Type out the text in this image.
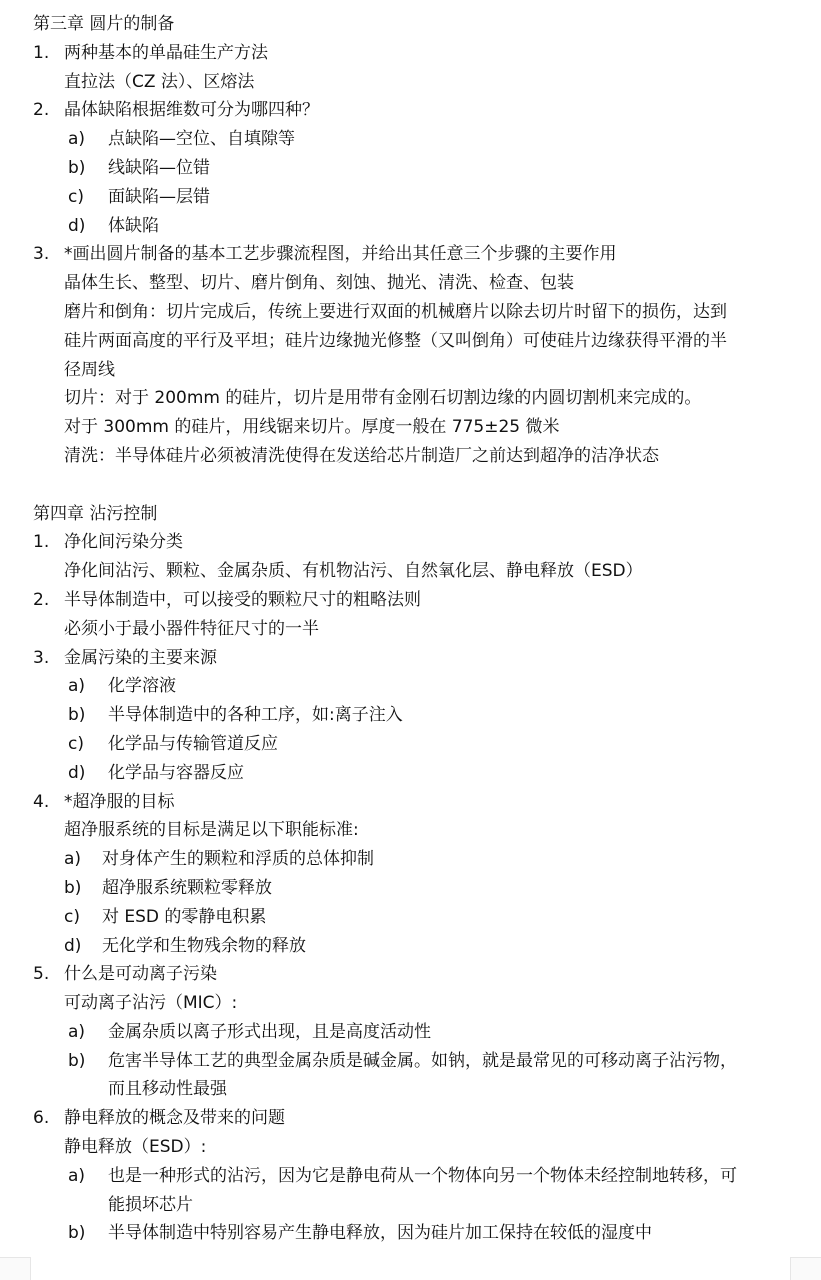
第三章 圆片的制备
1. 两种基本的单晶硅生产方法
直拉法（CZ 法）、区熔法
2. 晶体缺陷根据维数可分为哪四种？
a)	点缺陷—空位、自填隙等
b)	线缺陷—位错
c)	面缺陷—层错
d)	体缺陷
3. *画出圆片制备的基本工艺步骤流程图，并给出其任意三个步骤的主要作用
晶体生长、整型、切片、磨片倒角、刻蚀、抛光、清洗、检查、包装
磨片和倒角：切片完成后，传统上要进行双面的机械磨片以除去切片时留下的损伤，达到
硅片两面高度的平行及平坦；硅片边缘抛光修整（又叫倒角）可使硅片边缘获得平滑的半
径周线
切片：对于 200mm 的硅片，切片是用带有金刚石切割边缘的内圆切割机来完成的。
对于 300mm 的硅片，用线锯来切片。厚度一般在 775±25 微米
清洗：半导体硅片必须被清洗使得在发送给芯片制造厂之前达到超净的洁净状态
第四章 沾污控制
1. 净化间污染分类
净化间沾污、颗粒、金属杂质、有机物沾污、自然氧化层、静电释放（ESD）
2. 半导体制造中，可以接受的颗粒尺寸的粗略法则
必须小于最小器件特征尺寸的一半
3. 金属污染的主要来源
a)	化学溶液
b)	半导体制造中的各种工序，如:离子注入
c)	化学品与传输管道反应
d)	化学品与容器反应
4. *超净服的目标
超净服系统的目标是满足以下职能标准:
a)	对身体产生的颗粒和浮质的总体抑制
b)	超净服系统颗粒零释放
c)	对 ESD 的零静电积累
d)	无化学和生物残余物的释放
5. 什么是可动离子污染
可动离子沾污（MIC）:
a)	金属杂质以离子形式出现，且是高度活动性
b)	危害半导体工艺的典型金属杂质是碱金属。如钠，就是最常见的可移动离子沾污物，
而且移动性最强
6. 静电释放的概念及带来的问题
静电释放（ESD）:
a)	也是一种形式的沾污，因为它是静电荷从一个物体向另一个物体未经控制地转移，可
能损坏芯片
b)	半导体制造中特别容易产生静电释放，因为硅片加工保持在较低的湿度中
